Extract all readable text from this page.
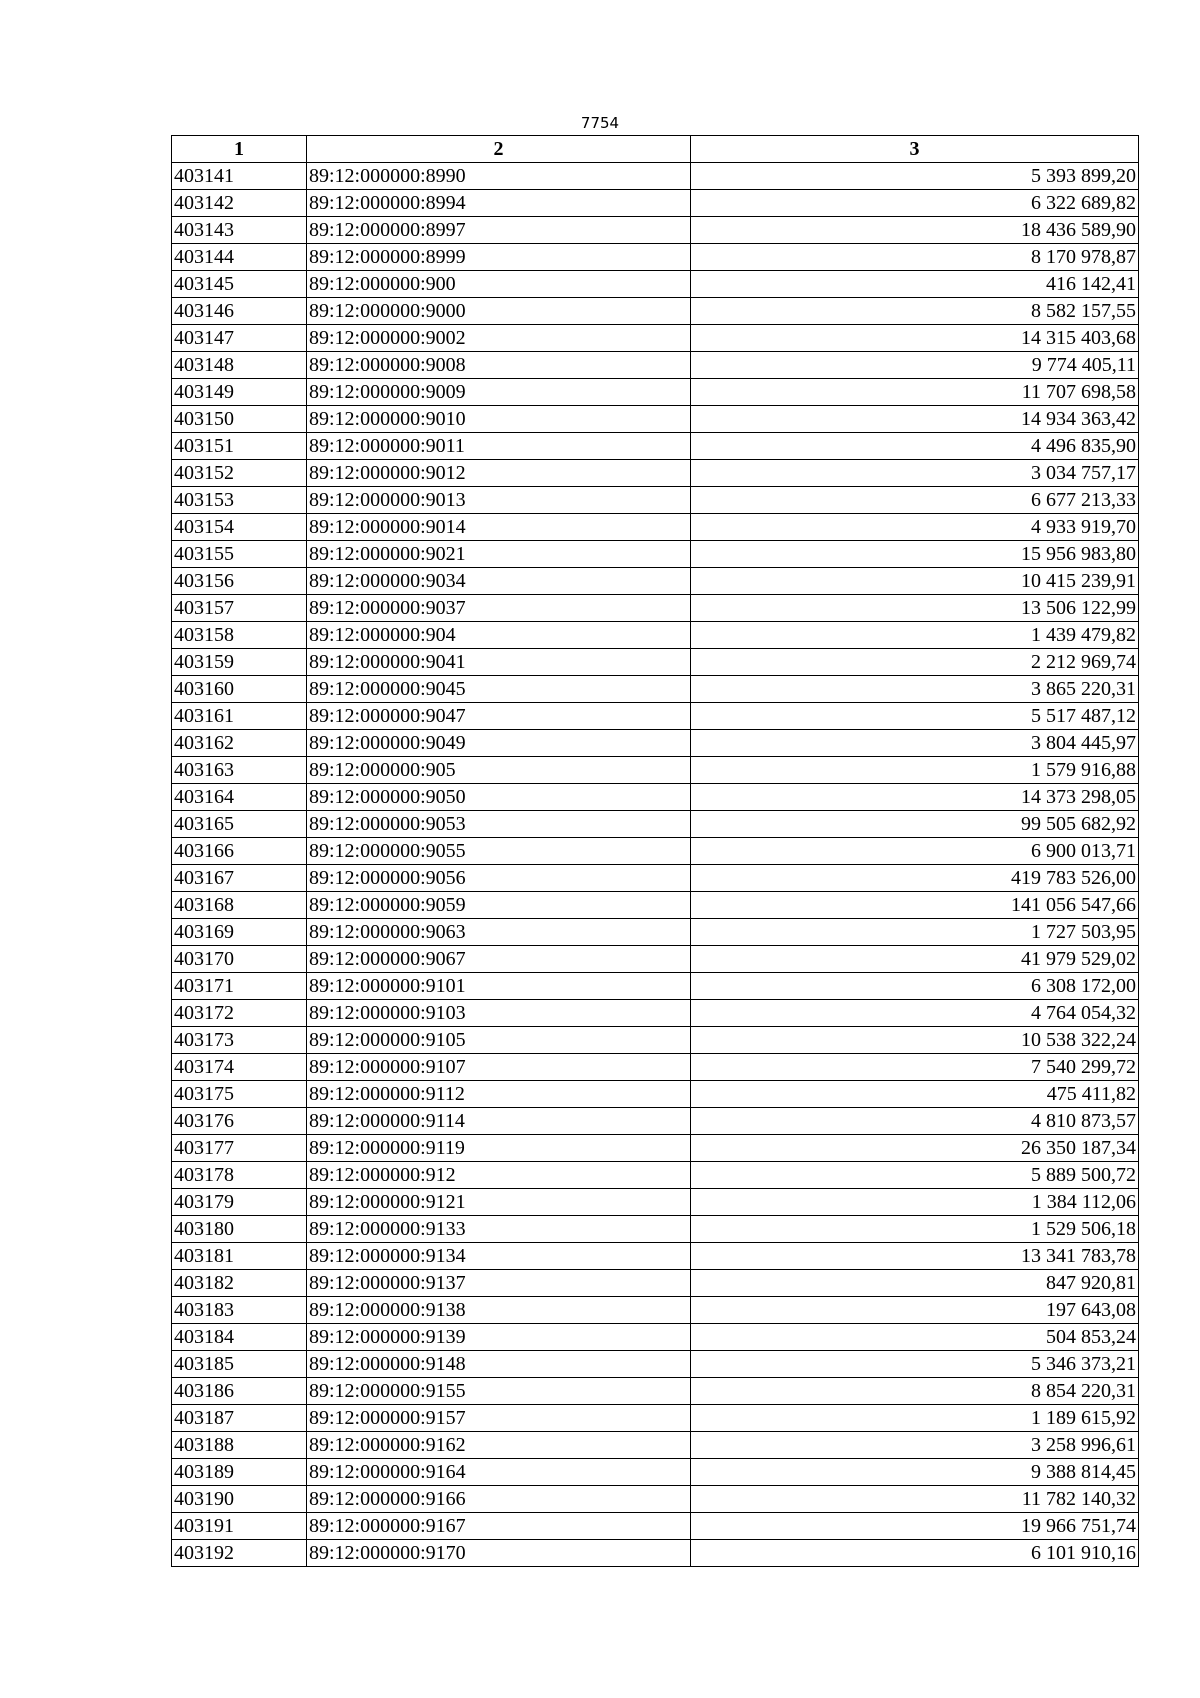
7754
1	2	3
403141	89:12:000000:8990	5 393 899,20
403142	89:12:000000:8994	6 322 689,82
403143	89:12:000000:8997	18 436 589,90
403144	89:12:000000:8999	8 170 978,87
403145	89:12:000000:900	416 142,41
403146	89:12:000000:9000	8 582 157,55
403147	89:12:000000:9002	14 315 403,68
403148	89:12:000000:9008	9 774 405,11
403149	89:12:000000:9009	11 707 698,58
403150	89:12:000000:9010	14 934 363,42
403151	89:12:000000:9011	4 496 835,90
403152	89:12:000000:9012	3 034 757,17
403153	89:12:000000:9013	6 677 213,33
403154	89:12:000000:9014	4 933 919,70
403155	89:12:000000:9021	15 956 983,80
403156	89:12:000000:9034	10 415 239,91
403157	89:12:000000:9037	13 506 122,99
403158	89:12:000000:904	1 439 479,82
403159	89:12:000000:9041	2 212 969,74
403160	89:12:000000:9045	3 865 220,31
403161	89:12:000000:9047	5 517 487,12
403162	89:12:000000:9049	3 804 445,97
403163	89:12:000000:905	1 579 916,88
403164	89:12:000000:9050	14 373 298,05
403165	89:12:000000:9053	99 505 682,92
403166	89:12:000000:9055	6 900 013,71
403167	89:12:000000:9056	419 783 526,00
403168	89:12:000000:9059	141 056 547,66
403169	89:12:000000:9063	1 727 503,95
403170	89:12:000000:9067	41 979 529,02
403171	89:12:000000:9101	6 308 172,00
403172	89:12:000000:9103	4 764 054,32
403173	89:12:000000:9105	10 538 322,24
403174	89:12:000000:9107	7 540 299,72
403175	89:12:000000:9112	475 411,82
403176	89:12:000000:9114	4 810 873,57
403177	89:12:000000:9119	26 350 187,34
403178	89:12:000000:912	5 889 500,72
403179	89:12:000000:9121	1 384 112,06
403180	89:12:000000:9133	1 529 506,18
403181	89:12:000000:9134	13 341 783,78
403182	89:12:000000:9137	847 920,81
403183	89:12:000000:9138	197 643,08
403184	89:12:000000:9139	504 853,24
403185	89:12:000000:9148	5 346 373,21
403186	89:12:000000:9155	8 854 220,31
403187	89:12:000000:9157	1 189 615,92
403188	89:12:000000:9162	3 258 996,61
403189	89:12:000000:9164	9 388 814,45
403190	89:12:000000:9166	11 782 140,32
403191	89:12:000000:9167	19 966 751,74
403192	89:12:000000:9170	6 101 910,16
